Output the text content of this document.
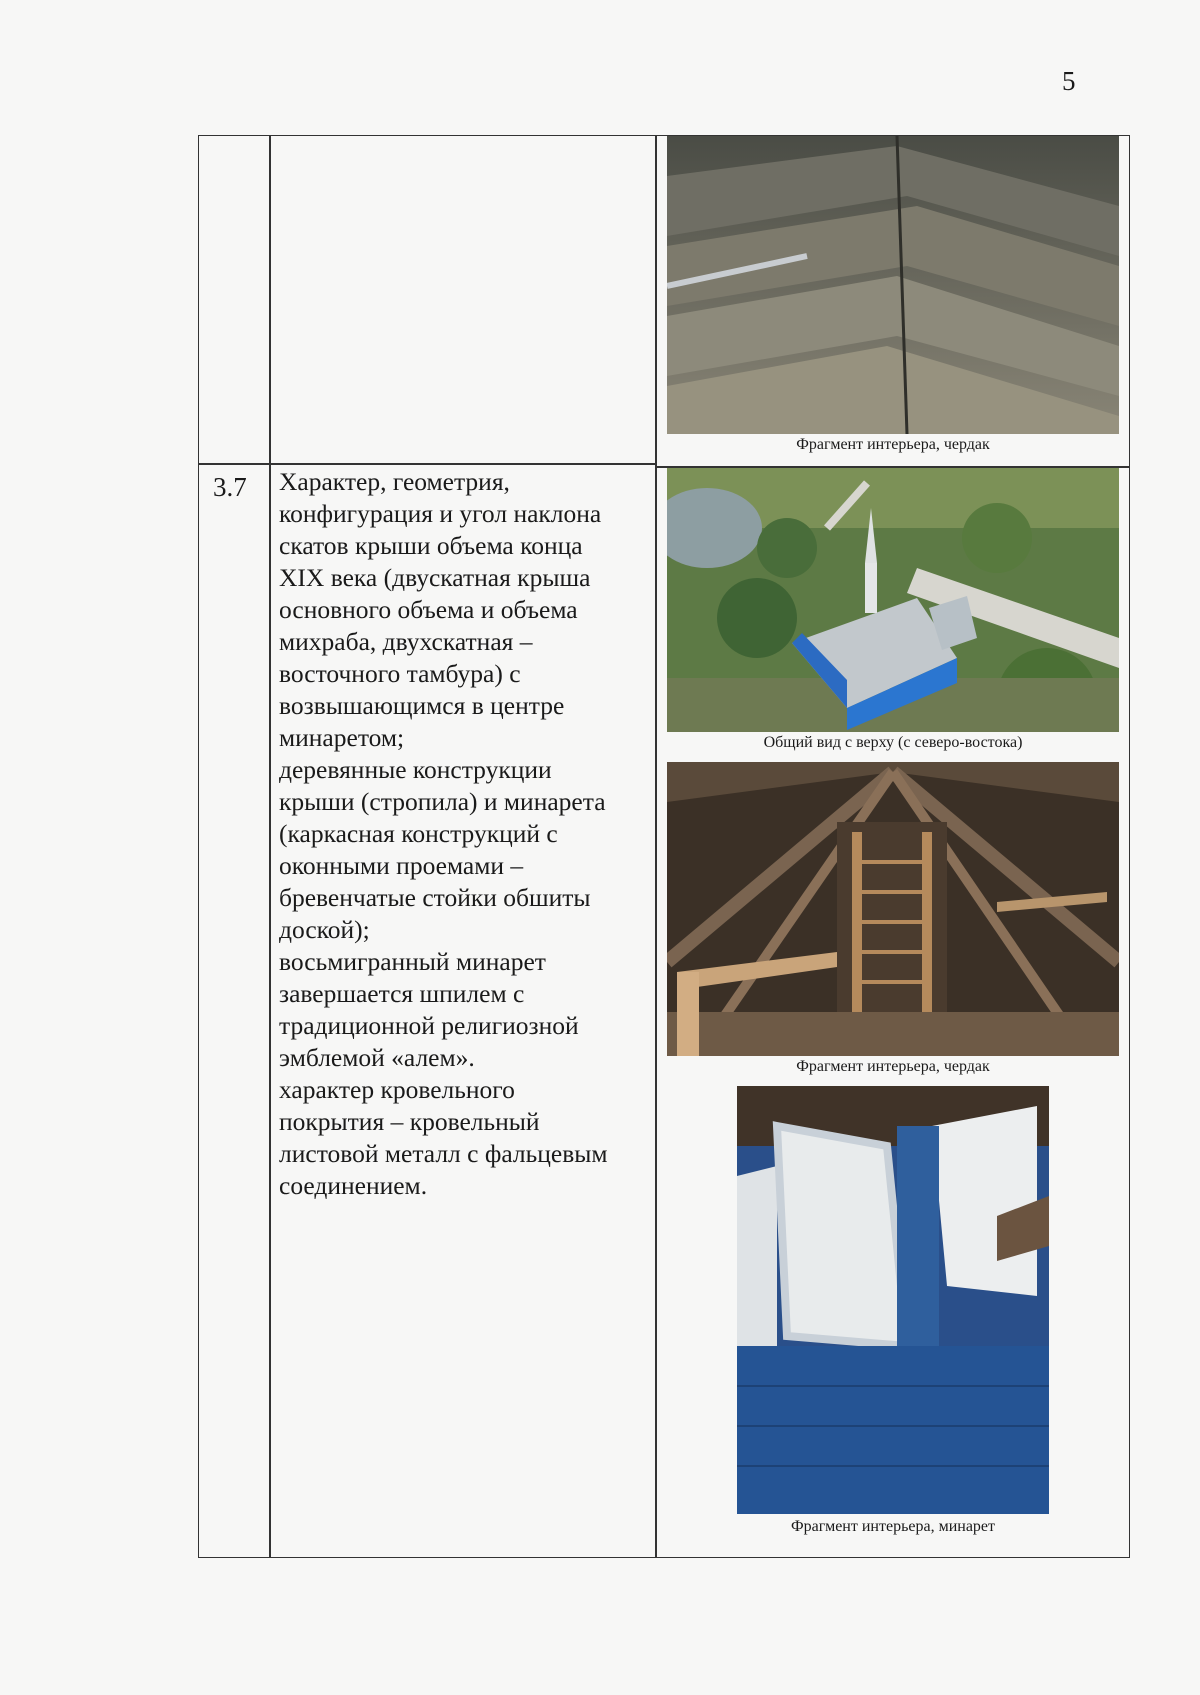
5
3.7 Характер, геометрия,
конфигурация и угол наклона
скатов крыши объема конца
XIX века (двускатная крыша
основного объема и объема
михраба, двухскатная –
восточного тамбура) с
возвышающимся в центре
минаретом;
деревянные конструкции
крыши (стропила) и минарета
(каркасная конструкций с
оконными проемами –
бревенчатые стойки обшиты
доской);
восьмигранный минарет
завершается шпилем с
традиционной религиозной
эмблемой «алем».
характер кровельного
покрытия – кровельный
листовой металл с фальцевым
соединением.
Фрагмент интерьера, чердак
Общий вид с верху (с северо-востока)
Фрагмент интерьера, чердак
Фрагмент интерьера, минарет
